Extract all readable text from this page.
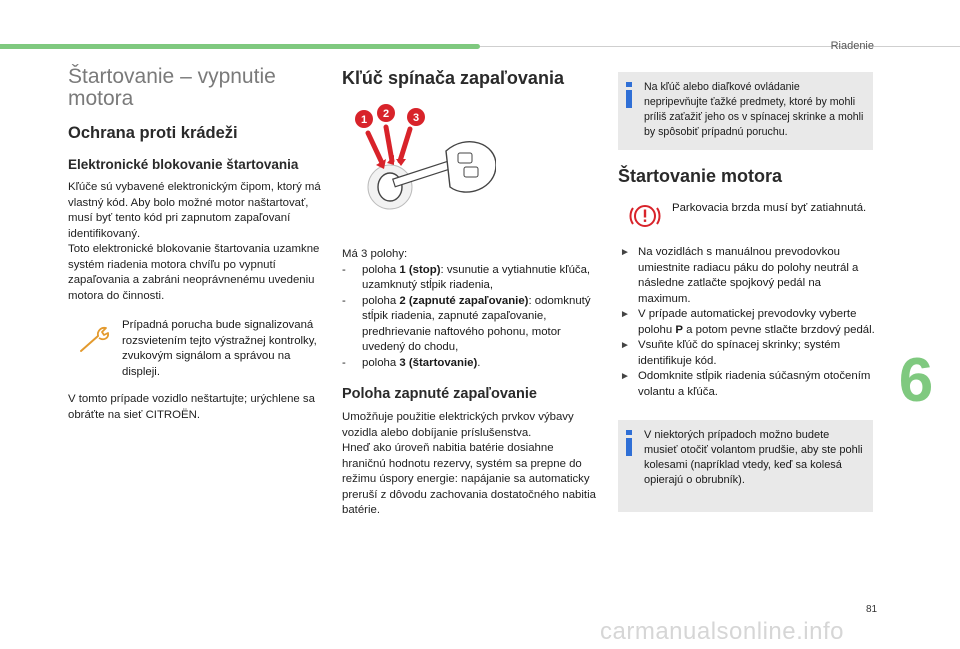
Riadenie
Štartovanie – vypnutie motora
Ochrana proti krádeži
Elektronické blokovanie štartovania

Kľúče sú vybavené elektronickým čipom, ktorý má vlastný kód. Aby bolo možné motor naštartovať, musí byť tento kód pri zapnutom zapaľovaní identifikovaný.

Toto elektronické blokovanie štartovania uzamkne systém riadenia motora chvíľu po vypnutí zapaľovania a zabráni neoprávnenému uvedeniu motora do činnosti.

Prípadná porucha bude signalizovaná rozsvietením tejto výstražnej kontrolky, zvukovým signálom a správou na displeji.

V tomto prípade vozidlo neštartujte; urýchlene sa obráťte na sieť CITROËN.

Kľúč spínača zapaľovania
1 2 3

Má 3 polohy:

- poloha 1 (stop): vsunutie a vytiahnutie kľúča, uzamknutý stĺpik riadenia,
- poloha 2 (zapnuté zapaľovanie): odomknutý stĺpik riadenia, zapnuté zapaľovanie, predhrievanie naftového pohonu, motor uvedený do chodu,
- poloha 3 (štartovanie).
Poloha zapnuté zapaľovanie

Umožňuje použitie elektrických prvkov výbavy vozidla alebo dobíjanie príslušenstva.

Hneď ako úroveň nabitia batérie dosiahne hraničnú hodnotu rezervy, systém sa prepne do režimu úspory energie: napájanie sa automaticky preruší z dôvodu zachovania dostatočného nabitia batérie.

Na kľúč alebo diaľkové ovládanie nepripevňujte ťažké predmety, ktoré by mohli príliš zaťažiť jeho os v spínacej skrinke a mohli by spôsobiť prípadnú poruchu.
Štartovanie motora
Parkovacia brzda musí byť zatiahnutá.
► Na vozidlách s manuálnou prevodovkou umiestnite radiacu páku do polohy neutrál a následne zatlačte spojkový pedál na maximum.
► V prípade automatickej prevodovky vyberte polohu P a potom pevne stlačte brzdový pedál.
► Vsuňte kľúč do spínacej skrinky; systém identifikuje kód.
► Odomknite stĺpik riadenia súčasným otočením volantu a kľúča.
V niektorých prípadoch možno budete musieť otočiť volantom prudšie, aby ste pohli kolesami (napríklad vtedy, keď sa kolesá opierajú o obrubník).
6
81
carmanualsonline.info
